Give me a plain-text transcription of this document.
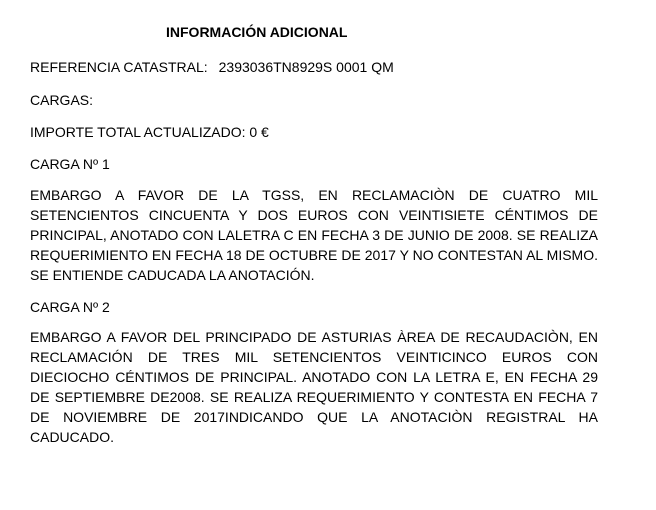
INFORMACIÓN ADICIONAL
REFERENCIA CATASTRAL: 2393036TN8929S 0001 QM
CARGAS:
IMPORTE TOTAL ACTUALIZADO: 0 €
CARGA Nº 1
EMBARGO A FAVOR DE LA TGSS, EN RECLAMACIÒN DE CUATRO MIL SETENCIENTOS CINCUENTA Y DOS EUROS CON VEINTISIETE CÉNTIMOS DE PRINCIPAL, ANOTADO CON LALETRA C EN FECHA 3 DE JUNIO DE 2008. SE REALIZA REQUERIMIENTO EN FECHA 18 DE OCTUBRE DE 2017 Y NO CONTESTAN AL MISMO. SE ENTIENDE CADUCADA LA ANOTACIÓN.
CARGA Nº 2
EMBARGO A FAVOR DEL PRINCIPADO DE ASTURIAS ÀREA DE RECAUDACIÒN, EN RECLAMACIÓN DE TRES MIL SETENCIENTOS VEINTICINCO EUROS CON DIECIOCHO CÉNTIMOS DE PRINCIPAL. ANOTADO CON LA LETRA E, EN FECHA 29 DE SEPTIEMBRE DE2008. SE REALIZA REQUERIMIENTO Y CONTESTA EN FECHA 7 DE NOVIEMBRE DE 2017INDICANDO QUE LA ANOTACIÒN REGISTRAL HA CADUCADO.
